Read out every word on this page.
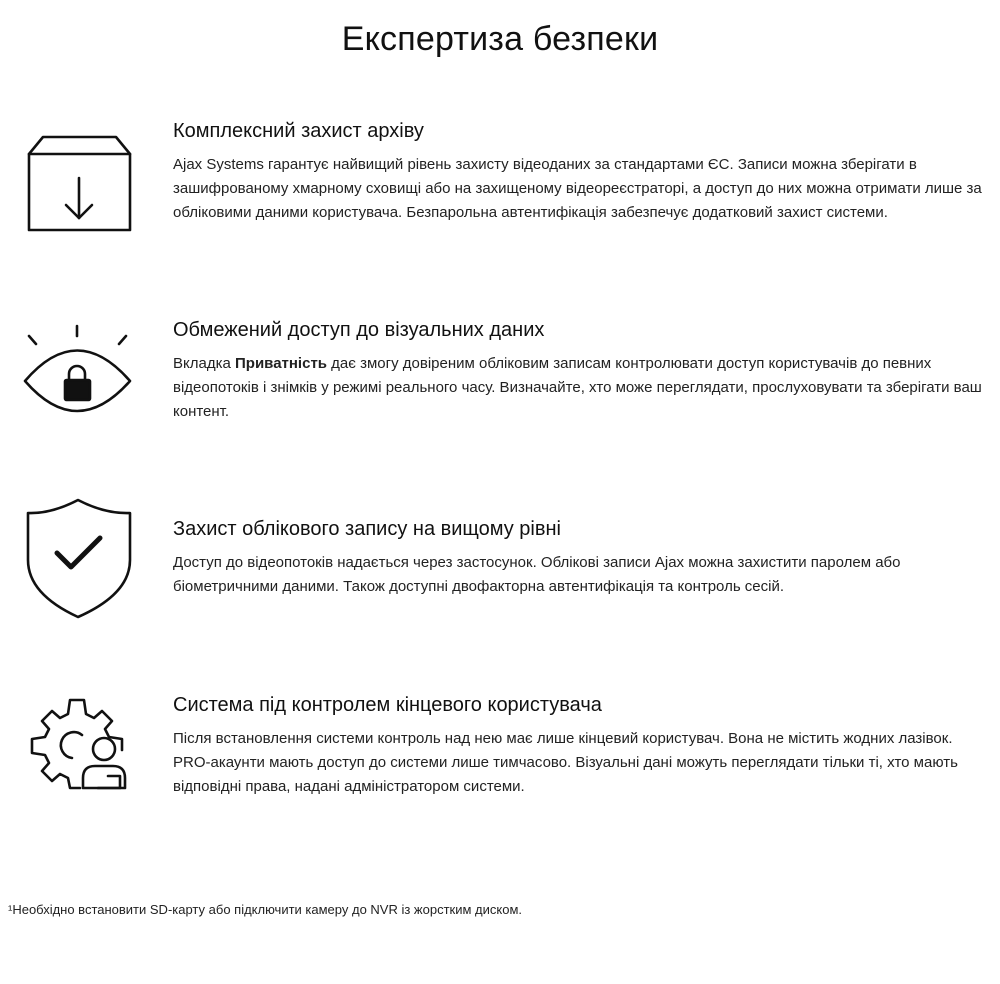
Експертиза безпеки
Комплексний захист архіву

Ajax Systems гарантує найвищий рівень захисту відеоданих за стандартами ЄС. Записи можна зберігати в зашифрованому хмарному сховищі або на захищеному відеореєстраторі, а доступ до них можна отримати лише за обліковими даними користувача. Безпарольна автентифікація забезпечує додатковий захист системи.

Обмежений доступ до візуальних даних

Вкладка Приватність дає змогу довіреним обліковим записам контролювати доступ користувачів до певних відеопотоків і знімків у режимі реального часу. Визначайте, хто може переглядати, прослуховувати та зберігати ваш контент.

Захист облікового запису на вищому рівні

Доступ до відеопотоків надається через застосунок. Облікові записи Ajax можна захистити паролем або біометричними даними. Також доступні двофакторна автентифікація та контроль сесій.

Система під контролем кінцевого користувача

Після встановлення системи контроль над нею має лише кінцевий користувач. Вона не містить жодних лазівок. PRO-акаунти мають доступ до системи лише тимчасово. Візуальні дані можуть переглядати тільки ті, хто мають відповідні права, надані адміністратором системи.

¹Необхідно встановити SD-карту або підключити камеру до NVR із жорстким диском.
